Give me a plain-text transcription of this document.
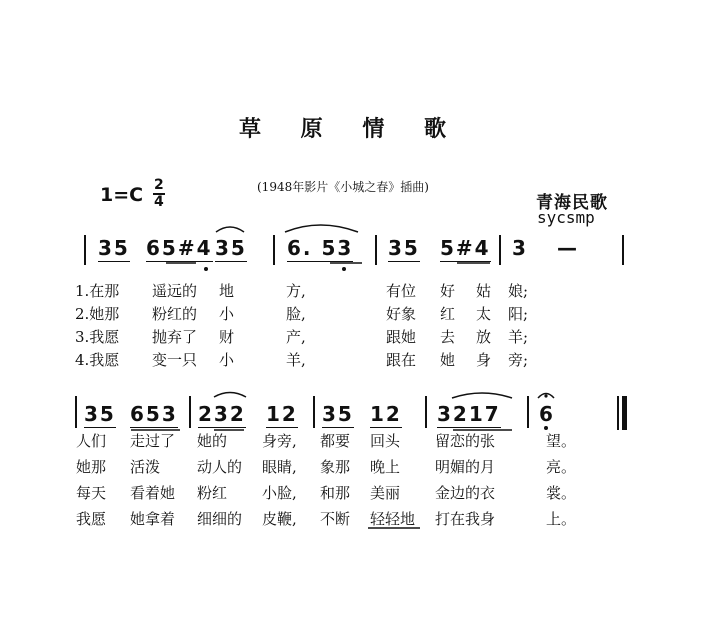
草 原 情 歌
1=C 2
4
(1948年影片《小城之春》插曲)
青海民歌
sycsmp
35 65#4 35 6. 53 35 5#4 3 —
1.在那
2.她那
3.我愿
4.我愿
遥远的
粉红的
抛弃了
变一只
地
小
财
小
方,
脸,
产,
羊,
有位
好象
跟她
跟在
好
红
去
她
姑
太
放
身
娘;
阳;
羊;
旁;
35 653 232 12 35 12 3217 6
人们
她那
每天
我愿
走过了
活泼
看着她
她拿着
她的
动人的
粉红
细细的
身旁,
眼睛,
小脸,
皮鞭,
都要
象那
和那
不断
回头
晚上
美丽
轻轻地
留恋的张
明媚的月
金边的衣
打在我身
望。
亮。
裳。
上。
